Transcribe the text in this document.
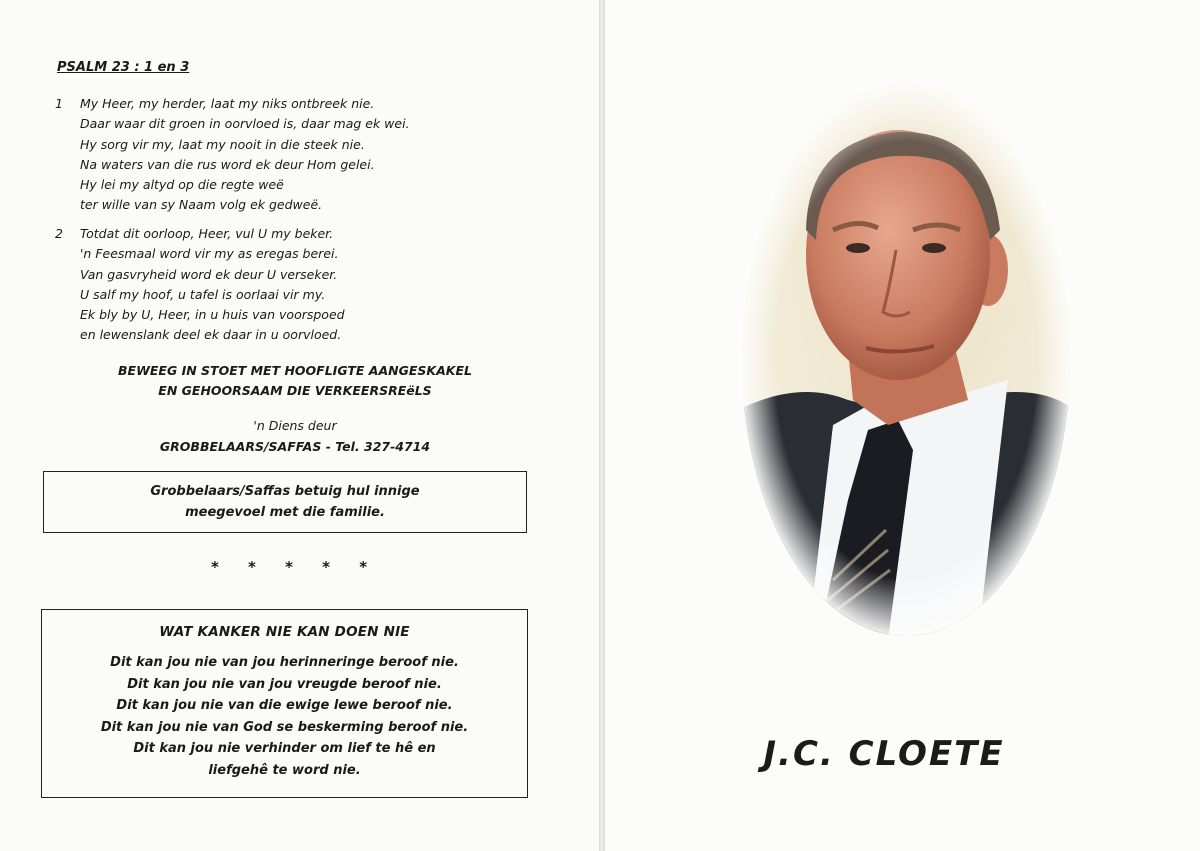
PSALM 23 : 1 en 3
1	My Heer, my herder, laat my niks ontbreek nie.
Daar waar dit groen in oorvloed is, daar mag ek wei.
Hy sorg vir my, laat my nooit in die steek nie.
Na waters van die rus word ek deur Hom gelei.
Hy lei my altyd op die regte weë
ter wille van sy Naam volg ek gedweë.
2	Totdat dit oorloop, Heer, vul U my beker.
'n Feesmaal word vir my as eregas berei.
Van gasvryheid word ek deur U verseker.
U salf my hoof, u tafel is oorlaai vir my.
Ek bly by U, Heer, in u huis van voorspoed
en lewenslank deel ek daar in u oorvloed.
BEWEEG IN STOET MET HOOFLIGTE AANGESKAKEL
EN GEHOORSAAM DIE VERKEERSREëLS
'n Diens deur
GROBBELAARS/SAFFAS - Tel. 327-4714
Grobbelaars/Saffas betuig hul innige
meegevoel met die familie.
* * * * *
WAT KANKER NIE KAN DOEN NIE
Dit kan jou nie van jou herinneringe beroof nie.
Dit kan jou nie van jou vreugde beroof nie.
Dit kan jou nie van die ewige lewe beroof nie.
Dit kan jou nie van God se beskerming beroof nie.
Dit kan jou nie verhinder om lief te hê en
liefgehê te word nie.	J.C. CLOETE
